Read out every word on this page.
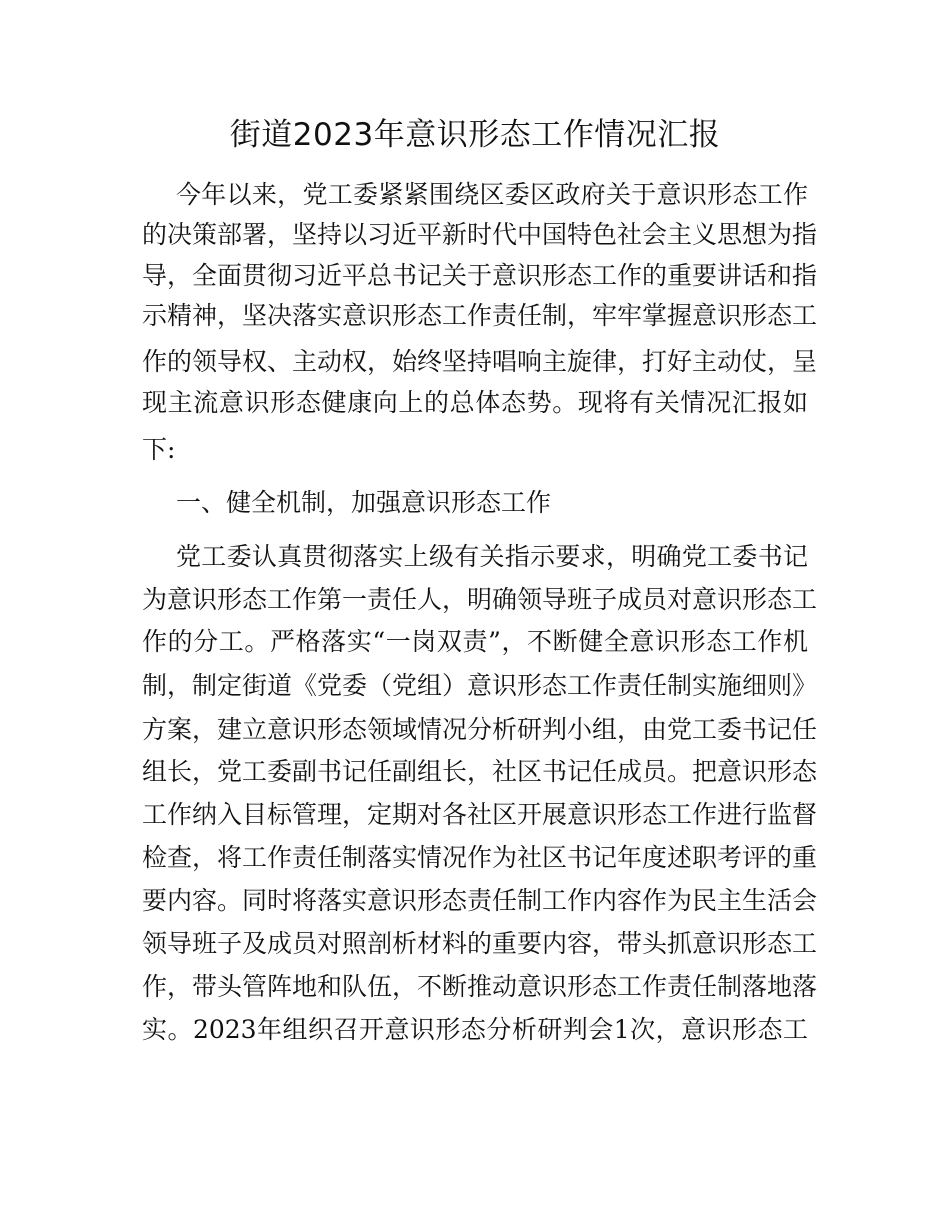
街道2023年意识形态工作情况汇报

今年以来，党工委紧紧围绕区委区政府关于意识形态工作

的决策部署，坚持以习近平新时代中国特色社会主义思想为指

导，全面贯彻习近平总书记关于意识形态工作的重要讲话和指

示精神，坚决落实意识形态工作责任制，牢牢掌握意识形态工

作的领导权、主动权，始终坚持唱响主旋律，打好主动仗，呈

现主流意识形态健康向上的总体态势。现将有关情况汇报如

下:

一、健全机制，加强意识形态工作

党工委认真贯彻落实上级有关指示要求，明确党工委书记

为意识形态工作第一责任人，明确领导班子成员对意识形态工

作的分工。严格落实“一岗双责”，不断健全意识形态工作机

制，制定街道《党委（党组）意识形态工作责任制实施细则》

方案，建立意识形态领域情况分析研判小组，由党工委书记任

组长，党工委副书记任副组长，社区书记任成员。把意识形态

工作纳入目标管理，定期对各社区开展意识形态工作进行监督

检查，将工作责任制落实情况作为社区书记年度述职考评的重

要内容。同时将落实意识形态责任制工作内容作为民主生活会

领导班子及成员对照剖析材料的重要内容，带头抓意识形态工

作，带头管阵地和队伍，不断推动意识形态工作责任制落地落

实。2023年组织召开意识形态分析研判会1次，意识形态工
